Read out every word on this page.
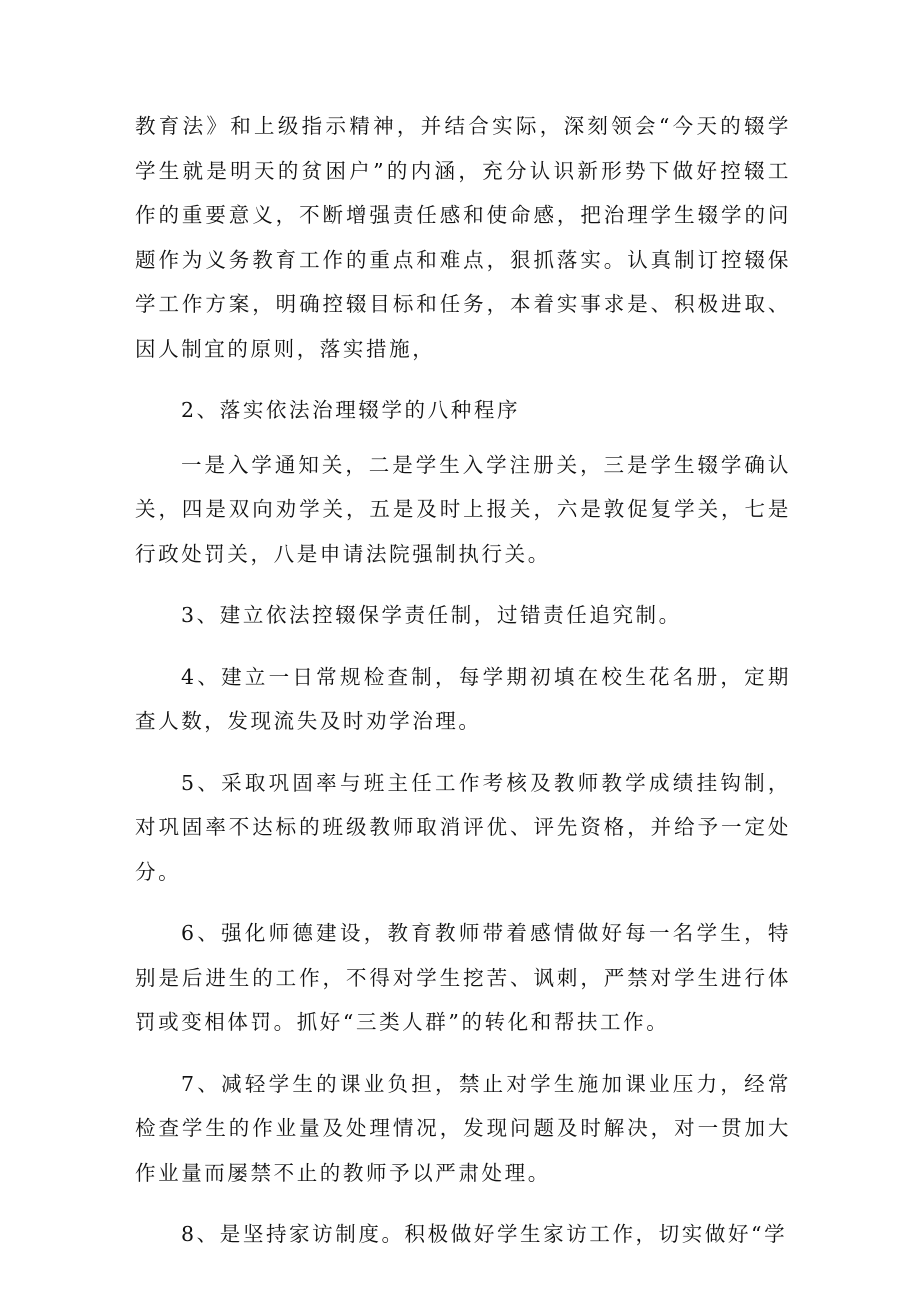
教育法》和上级指示精神，并结合实际，深刻领会“今天的辍学学生就是明天的贫困户”的内涵，充分认识新形势下做好控辍工作的重要意义，不断增强责任感和使命感，把治理学生辍学的问题作为义务教育工作的重点和难点，狠抓落实。认真制订控辍保学工作方案，明确控辍目标和任务，本着实事求是、积极进取、因人制宜的原则，落实措施，

2、落实依法治理辍学的八种程序

一是入学通知关，二是学生入学注册关，三是学生辍学确认关，四是双向劝学关，五是及时上报关，六是敦促复学关，七是行政处罚关，八是申请法院强制执行关。

3、建立依法控辍保学责任制，过错责任追究制。

4、建立一日常规检查制，每学期初填在校生花名册，定期查人数，发现流失及时劝学治理。

5、采取巩固率与班主任工作考核及教师教学成绩挂钩制，对巩固率不达标的班级教师取消评优、评先资格，并给予一定处分。

6、强化师德建设，教育教师带着感情做好每一名学生，特别是后进生的工作，不得对学生挖苦、讽刺，严禁对学生进行体罚或变相体罚。抓好“三类人群”的转化和帮扶工作。

7、减轻学生的课业负担，禁止对学生施加课业压力，经常检查学生的作业量及处理情况，发现问题及时解决，对一贯加大作业量而屡禁不止的教师予以严肃处理。

8、是坚持家访制度。积极做好学生家访工作，切实做好“学
